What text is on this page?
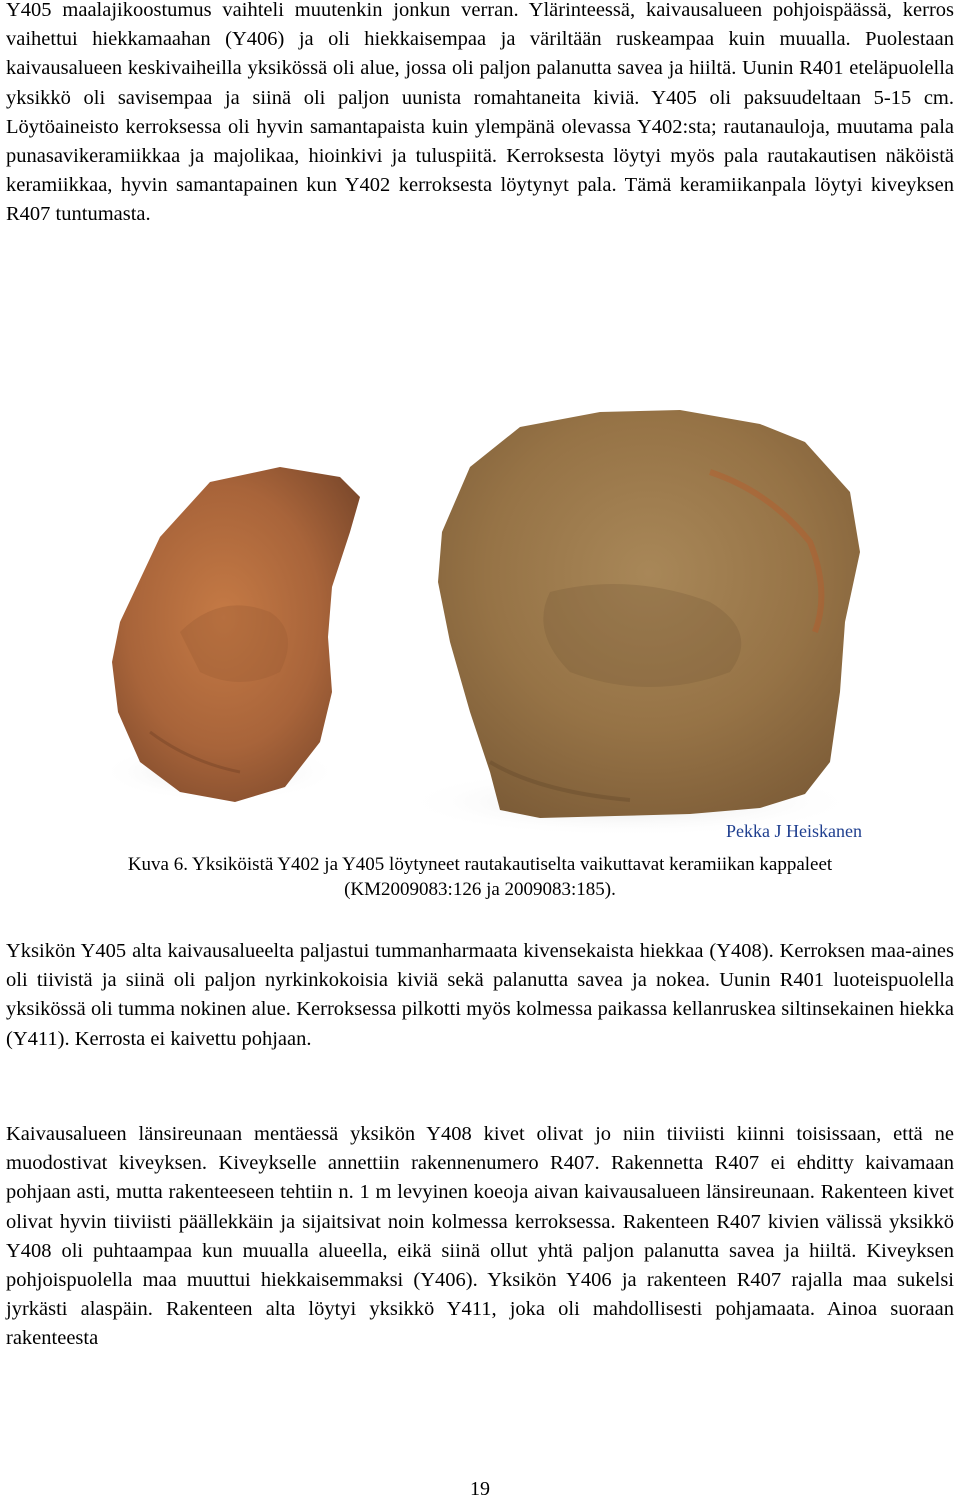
Y405 maalajikoostumus vaihteli muutenkin jonkun verran. Ylärinteessä, kaivausalueen pohjoispäässä, kerros vaihettui hiekkamaahan (Y406) ja oli hiekkaisempaa ja väriltään ruskeampaa kuin muualla. Puolestaan kaivausalueen keskivaiheilla yksikössä oli alue, jossa oli paljon palanutta savea ja hiiltä. Uunin R401 eteläpuolella yksikkö oli savisempaa ja siinä oli paljon uunista romahtaneita kiviä. Y405 oli paksuudeltaan 5-15 cm. Löytöaineisto kerroksessa oli hyvin samantapaista kuin ylempänä olevassa Y402:sta; rautanauloja, muutama pala punasavikeramiikkaa ja majolikaa, hioinkivi ja tuluspiitä. Kerroksesta löytyi myös pala rautakautisen näköistä keramiikkaa, hyvin samantapainen kun Y402 kerroksesta löytynyt pala. Tämä keramiikanpala löytyi kiveyksen R407 tuntumasta.

Pekka J Heiskanen
Kuva 6. Yksiköistä Y402 ja Y405 löytyneet rautakautiselta vaikuttavat keramiikan kappaleet
(KM2009083:126 ja 2009083:185).

Yksikön Y405 alta kaivausalueelta paljastui tummanharmaata kivensekaista hiekkaa (Y408). Kerroksen maa-aines oli tiivistä ja siinä oli paljon nyrkinkokoisia kiviä sekä palanutta savea ja nokea. Uunin R401 luoteispuolella yksikössä oli tumma nokinen alue. Kerroksessa pilkotti myös kolmessa paikassa kellanruskea siltinsekainen hiekka (Y411). Kerrosta ei kaivettu pohjaan.

Kaivausalueen länsireunaan mentäessä yksikön Y408 kivet olivat jo niin tiiviisti kiinni toisissaan, että ne muodostivat kiveyksen. Kiveykselle annettiin rakennenumero R407. Rakennetta R407 ei ehditty kaivamaan pohjaan asti, mutta rakenteeseen tehtiin n. 1 m levyinen koeoja aivan kaivausalueen länsireunaan. Rakenteen kivet olivat hyvin tiiviisti päällekkäin ja sijaitsivat noin kolmessa kerroksessa. Rakenteen R407 kivien välissä yksikkö Y408 oli puhtaampaa kun muualla alueella, eikä siinä ollut yhtä paljon palanutta savea ja hiiltä. Kiveyksen pohjoispuolella maa muuttui hiekkaisemmaksi (Y406). Yksikön Y406 ja rakenteen R407 rajalla maa sukelsi jyrkästi alaspäin. Rakenteen alta löytyi yksikkö Y411, joka oli mahdollisesti pohjamaata. Ainoa suoraan rakenteesta

19
